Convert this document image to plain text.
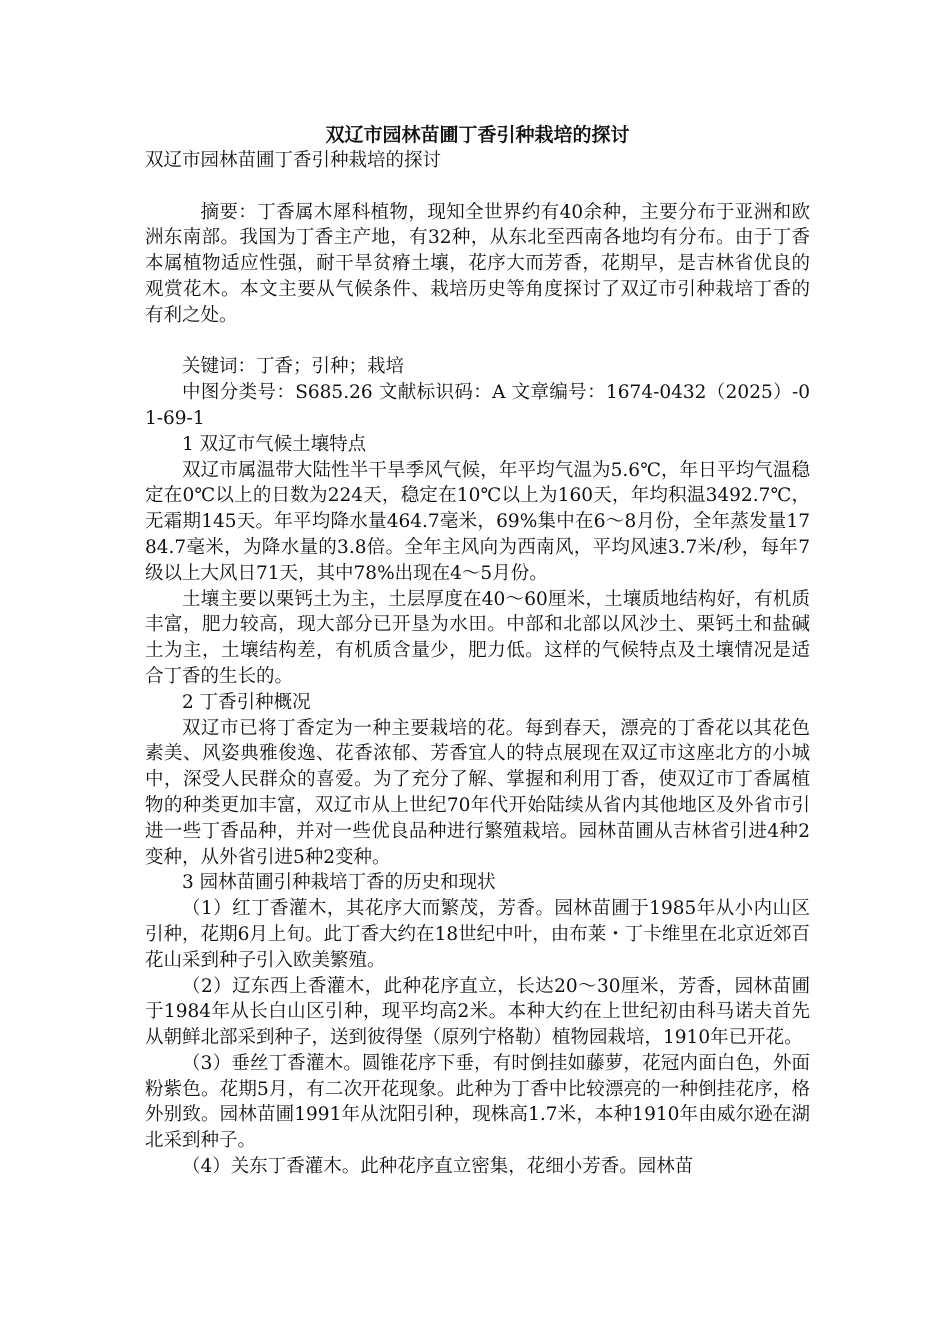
双辽市园林苗圃丁香引种栽培的探讨

双辽市园林苗圃丁香引种栽培的探讨

摘要：丁香属木犀科植物，现知全世界约有40余种，主要分布于亚洲和欧洲东南部。我国为丁香主产地，有32种，从东北至西南各地均有分布。由于丁香本属植物适应性强，耐干旱贫瘠土壤，花序大而芳香，花期早，是吉林省优良的观赏花木。本文主要从气候条件、栽培历史等角度探讨了双辽市引种栽培丁香的有利之处。

关键词：丁香；引种；栽培

中图分类号：S685.26 文献标识码：A 文章编号：1674-0432（2025）-01-69-1

1 双辽市气候土壤特点

双辽市属温带大陆性半干旱季风气候，年平均气温为5.6℃，年日平均气温稳定在0℃以上的日数为224天，稳定在10℃以上为160天，年均积温3492.7℃，无霜期145天。年平均降水量464.7毫米，69%集中在6～8月份，全年蒸发量1784.7毫米，为降水量的3.8倍。全年主风向为西南风，平均风速3.7米/秒，每年7级以上大风日71天，其中78%出现在4～5月份。

土壤主要以栗钙土为主，土层厚度在40～60厘米，土壤质地结构好，有机质丰富，肥力较高，现大部分已开垦为水田。中部和北部以风沙土、栗钙土和盐碱土为主，土壤结构差，有机质含量少，肥力低。这样的气候特点及土壤情况是适合丁香的生长的。

2 丁香引种概况

双辽市已将丁香定为一种主要栽培的花。每到春天，漂亮的丁香花以其花色素美、风姿典雅俊逸、花香浓郁、芳香宜人的特点展现在双辽市这座北方的小城中，深受人民群众的喜爱。为了充分了解、掌握和利用丁香，使双辽市丁香属植物的种类更加丰富，双辽市从上世纪70年代开始陆续从省内其他地区及外省市引进一些丁香品种，并对一些优良品种进行繁殖栽培。园林苗圃从吉林省引进4种2变种，从外省引进5种2变种。

3 园林苗圃引种栽培丁香的历史和现状

（1）红丁香灌木，其花序大而繁茂，芳香。园林苗圃于1985年从小内山区引种，花期6月上旬。此丁香大约在18世纪中叶，由布莱・丁卡维里在北京近郊百花山采到种子引入欧美繁殖。

（2）辽东西上香灌木，此种花序直立，长达20～30厘米，芳香，园林苗圃于1984年从长白山区引种，现平均高2米。本种大约在上世纪初由科马诺夫首先从朝鲜北部采到种子，送到彼得堡（原列宁格勒）植物园栽培，1910年已开花。

（3）垂丝丁香灌木。圆锥花序下垂，有时倒挂如藤萝，花冠内面白色，外面粉紫色。花期5月，有二次开花现象。此种为丁香中比较漂亮的一种倒挂花序，格外别致。园林苗圃1991年从沈阳引种，现株高1.7米，本种1910年由威尔逊在湖北采到种子。

（4）关东丁香灌木。此种花序直立密集，花细小芳香。园林苗
